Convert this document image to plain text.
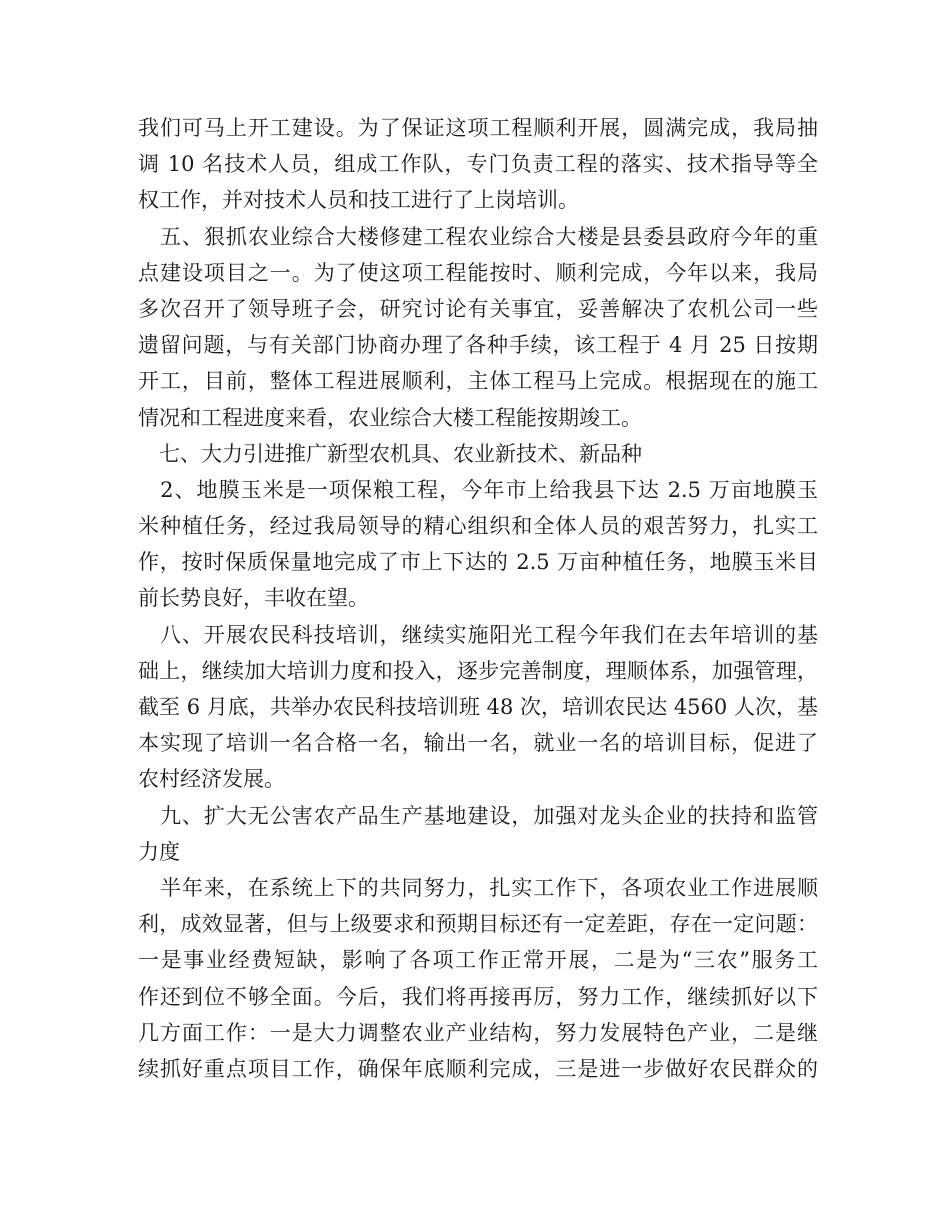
我们可马上开工建设。为了保证这项工程顺利开展，圆满完成，我局抽
调 10 名技术人员，组成工作队，专门负责工程的落实、技术指导等全
权工作，并对技术人员和技工进行了上岗培训。
　五、狠抓农业综合大楼修建工程农业综合大楼是县委县政府今年的重
点建设项目之一。为了使这项工程能按时、顺利完成，今年以来，我局
多次召开了领导班子会，研究讨论有关事宜，妥善解决了农机公司一些
遗留问题，与有关部门协商办理了各种手续，该工程于 4 月 25 日按期
开工，目前，整体工程进展顺利，主体工程马上完成。根据现在的施工
情况和工程进度来看，农业综合大楼工程能按期竣工。
　七、大力引进推广新型农机具、农业新技术、新品种
　2、地膜玉米是一项保粮工程，今年市上给我县下达 2.5 万亩地膜玉
米种植任务，经过我局领导的精心组织和全体人员的艰苦努力，扎实工
作，按时保质保量地完成了市上下达的 2.5 万亩种植任务，地膜玉米目
前长势良好，丰收在望。
　八、开展农民科技培训，继续实施阳光工程今年我们在去年培训的基
础上，继续加大培训力度和投入，逐步完善制度，理顺体系，加强管理，
截至 6 月底，共举办农民科技培训班 48 次，培训农民达 4560 人次，基
本实现了培训一名合格一名，输出一名，就业一名的培训目标，促进了
农村经济发展。
　九、扩大无公害农产品生产基地建设，加强对龙头企业的扶持和监管
力度
　半年来，在系统上下的共同努力，扎实工作下，各项农业工作进展顺
利，成效显著，但与上级要求和预期目标还有一定差距，存在一定问题：
一是事业经费短缺，影响了各项工作正常开展，二是为“三农”服务工
作还到位不够全面。今后，我们将再接再厉，努力工作，继续抓好以下
几方面工作：一是大力调整农业产业结构，努力发展特色产业，二是继
续抓好重点项目工作，确保年底顺利完成，三是进一步做好农民群众的
